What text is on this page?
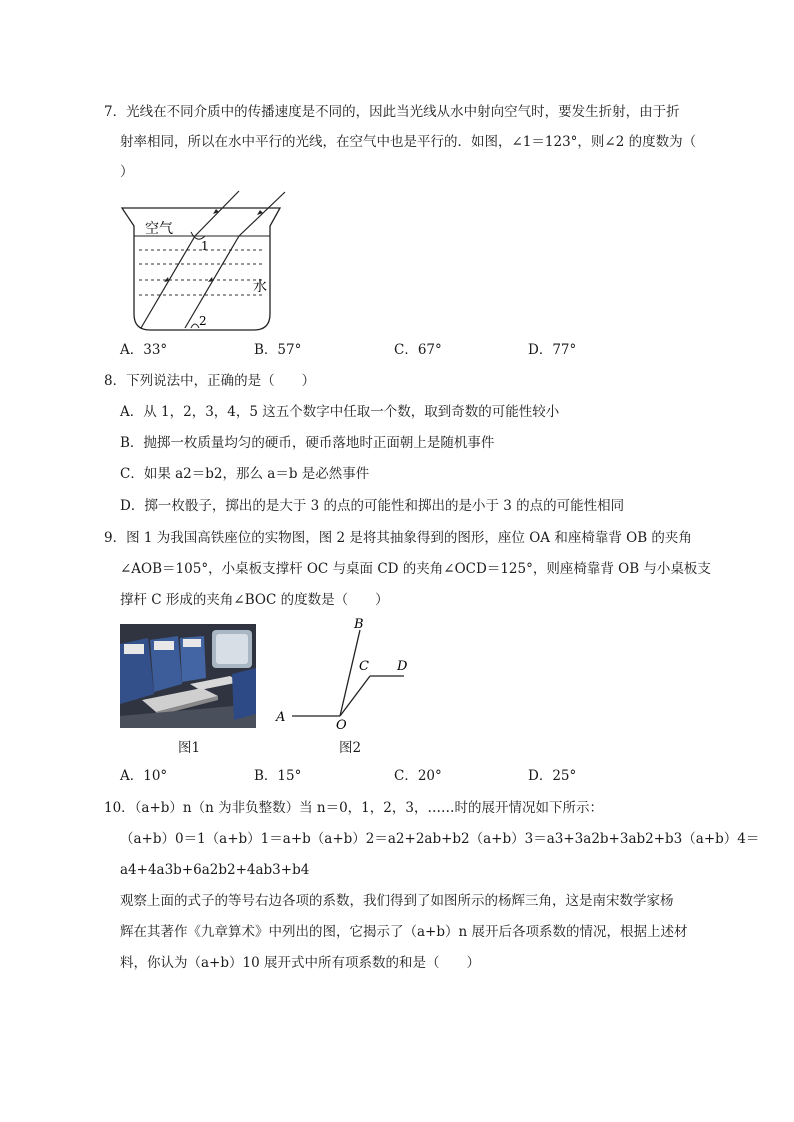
7．光线在不同介质中的传播速度是不同的，因此当光线从水中射向空气时，要发生折射，由于折
射率相同，所以在水中平行的光线，在空气中也是平行的．如图，∠1＝123°，则∠2 的度数为（
）
空气
水
1
2
A．33°	B．57°	C．67°	D．77°
8．下列说法中，正确的是（　　）
A．从 1，2，3，4，5 这五个数字中任取一个数，取到奇数的可能性较小
B．抛掷一枚质量均匀的硬币，硬币落地时正面朝上是随机事件
C．如果 a2＝b2，那么 a＝b 是必然事件
D．掷一枚骰子，掷出的是大于 3 的点的可能性和掷出的是小于 3 的点的可能性相同
9．图 1 为我国高铁座位的实物图，图 2 是将其抽象得到的图形，座位 OA 和座椅靠背 OB 的夹角
∠AOB＝105°，小桌板支撑杆 OC 与桌面 CD 的夹角∠OCD＝125°，则座椅靠背 OB 与小桌板支
撑杆 C 形成的夹角∠BOC 的度数是（　　）
图1
A
B
C D
O
图2
A．10°	B．15°	C．20°	D．25°
10．（a+b）n（n 为非负整数）当 n＝0，1，2，3，……时的展开情况如下所示：
（a+b）0＝1（a+b）1＝a+b（a+b）2＝a2+2ab+b2（a+b）3＝a3+3a2b+3ab2+b3（a+b）4＝
a4+4a3b+6a2b2+4ab3+b4
观察上面的式子的等号右边各项的系数，我们得到了如图所示的杨辉三角，这是南宋数学家杨
辉在其著作《九章算术》中列出的图，它揭示了（a+b）n 展开后各项系数的情况，根据上述材
料，你认为（a+b）10 展开式中所有项系数的和是（　　）
